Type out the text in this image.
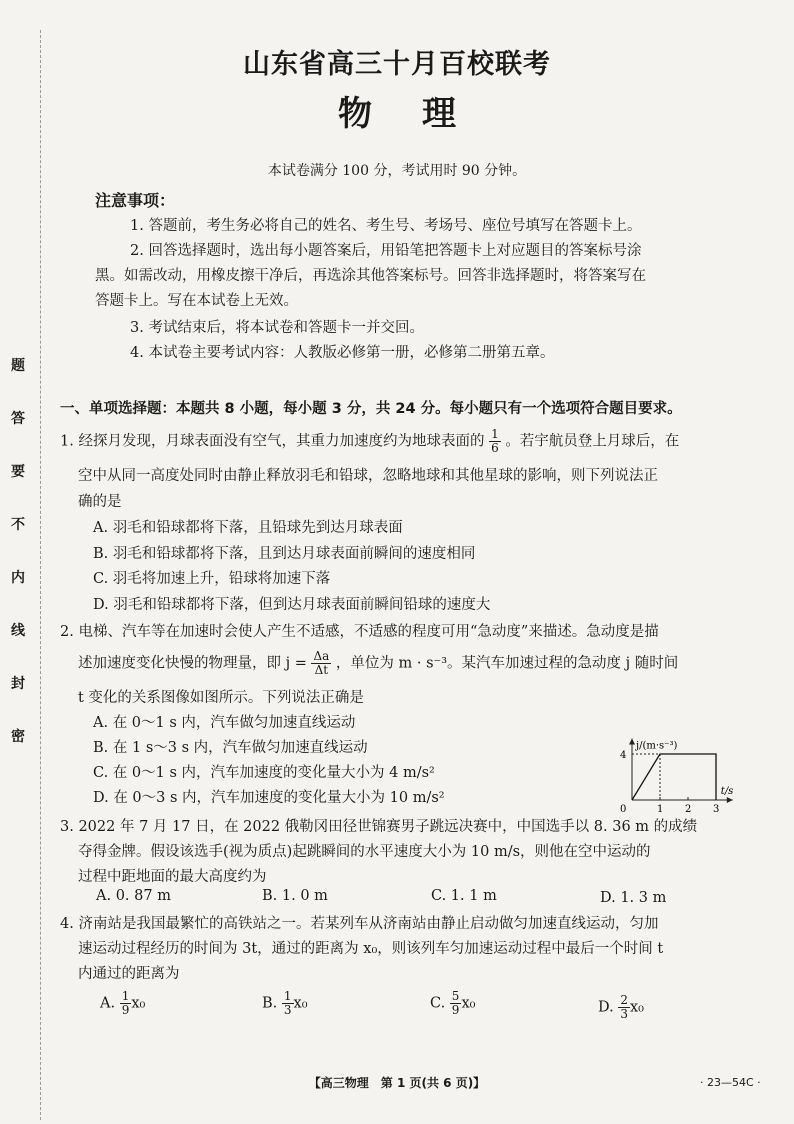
题
答
要
不
内
线
封
密
山东省高三十月百校联考
物理
本试卷满分 100 分，考试用时 90 分钟。
注意事项：
1. 答题前，考生务必将自己的姓名、考生号、考场号、座位号填写在答题卡上。
2. 回答选择题时，选出每小题答案后，用铅笔把答题卡上对应题目的答案标号涂
黑。如需改动，用橡皮擦干净后，再选涂其他答案标号。回答非选择题时，将答案写在
答题卡上。写在本试卷上无效。
3. 考试结束后，将本试卷和答题卡一并交回。
4. 本试卷主要考试内容：人教版必修第一册，必修第二册第五章。
一、单项选择题：本题共 8 小题，每小题 3 分，共 24 分。每小题只有一个选项符合题目要求。
1. 经探月发现，月球表面没有空气，其重力加速度约为地球表面的 $\frac{1}{6}$ 。若宇航员登上月球后，在
空中从同一高度处同时由静止释放羽毛和铅球，忽略地球和其他星球的影响，则下列说法正
确的是
A. 羽毛和铅球都将下落，且铅球先到达月球表面
B. 羽毛和铅球都将下落，且到达月球表面前瞬间的速度相同
C. 羽毛将加速上升，铅球将加速下落
D. 羽毛和铅球都将下落，但到达月球表面前瞬间铅球的速度大
2. 电梯、汽车等在加速时会使人产生不适感，不适感的程度可用“急动度”来描述。急动度是描
述加速度变化快慢的物理量，即 $j = \frac{\Delta a}{\Delta t}$ ，单位为 m · s⁻³。某汽车加速过程的急动度 j 随时间
t 变化的关系图像如图所示。下列说法正确是
A. 在 0～1 s 内，汽车做匀加速直线运动
B. 在 1 s～3 s 内，汽车做匀加速直线运动
C. 在 0～1 s 内，汽车加速度的变化量大小为 4 m/s²
D. 在 0～3 s 内，汽车加速度的变化量大小为 10 m/s²
j/(m·s⁻³)
t/s
0	1 2 3
4
3. 2022 年 7 月 17 日，在 2022 俄勒冈田径世锦赛男子跳远决赛中，中国选手以 8. 36 m 的成绩
夺得金牌。假设该选手(视为质点)起跳瞬间的水平速度大小为 10 m/s，则他在空中运动的
过程中距地面的最大高度约为
A. 0. 87 m	B. 1. 0 m	C. 1. 1 m	D. 1. 3 m
4. 济南站是我国最繁忙的高铁站之一。若某列车从济南站由静止启动做匀加速直线运动，匀加
速运动过程经历的时间为 3t，通过的距离为 x₀，则该列车匀加速运动过程中最后一个时间 t
内通过的距离为
A. $\frac{1}{9} x_0$	B. $\frac{1}{3} x_0$	C. $\frac{5}{9} x_0$	D. $\frac{2}{3} x_0$
【高三物理　第 1 页(共 6 页)】	· 23—54C ·
